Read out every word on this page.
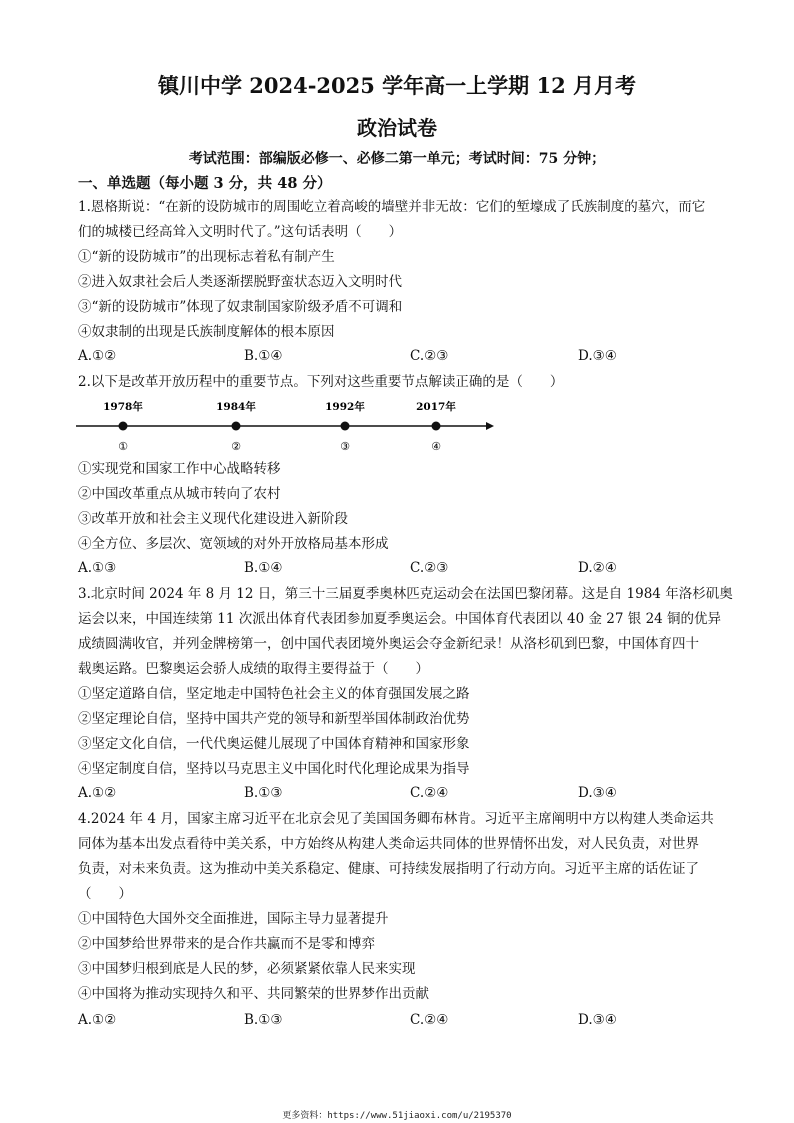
镇川中学 2024-2025 学年高一上学期 12 月月考
政治试卷
考试范围：部编版必修一、必修二第一单元；考试时间：75 分钟；
一、单选题（每小题 3 分，共 48 分）
1.恩格斯说：“在新的设防城市的周围屹立着高峻的墙壁并非无故：它们的堑壕成了氏族制度的墓穴，而它
们的城楼已经高耸入文明时代了。”这句话表明（　　）
①“新的设防城市”的出现标志着私有制产生
②进入奴隶社会后人类逐渐摆脱野蛮状态迈入文明时代
③“新的设防城市”体现了奴隶制国家阶级矛盾不可调和
④奴隶制的出现是氏族制度解体的根本原因
A.①②	B.①④	C.②③	D.③④
2.以下是改革开放历程中的重要节点。下列对这些重要节点解读正确的是（　　）
1978年	1984年	1992年	2017年
①	②	③	④
①实现党和国家工作中心战略转移
②中国改革重点从城市转向了农村
③改革开放和社会主义现代化建设进入新阶段
④全方位、多层次、宽领域的对外开放格局基本形成
A.①③	B.①④	C.②③	D.②④
3.北京时间 2024 年 8 月 12 日，第三十三届夏季奥林匹克运动会在法国巴黎闭幕。这是自 1984 年洛杉矶奥
运会以来，中国连续第 11 次派出体育代表团参加夏季奥运会。中国体育代表团以 40 金 27 银 24 铜的优异
成绩圆满收官，并列金牌榜第一，创中国代表团境外奥运会夺金新纪录！从洛杉矶到巴黎，中国体育四十
载奥运路。巴黎奥运会骄人成绩的取得主要得益于（　　）
①坚定道路自信，坚定地走中国特色社会主义的体育强国发展之路
②坚定理论自信，坚持中国共产党的领导和新型举国体制政治优势
③坚定文化自信，一代代奥运健儿展现了中国体育精神和国家形象
④坚定制度自信，坚持以马克思主义中国化时代化理论成果为指导
A.①②	B.①③	C.②④	D.③④
4.2024 年 4 月，国家主席习近平在北京会见了美国国务卿布林肯。习近平主席阐明中方以构建人类命运共
同体为基本出发点看待中美关系，中方始终从构建人类命运共同体的世界情怀出发，对人民负责，对世界
负责，对未来负责。这为推动中美关系稳定、健康、可持续发展指明了行动方向。习近平主席的话佐证了
（　　）
①中国特色大国外交全面推进，国际主导力显著提升
②中国梦给世界带来的是合作共赢而不是零和博弈
③中国梦归根到底是人民的梦，必须紧紧依靠人民来实现
④中国将为推动实现持久和平、共同繁荣的世界梦作出贡献
A.①②	B.①③	C.②④	D.③④
更多资料：https://www.51jiaoxi.com/u/2195370
